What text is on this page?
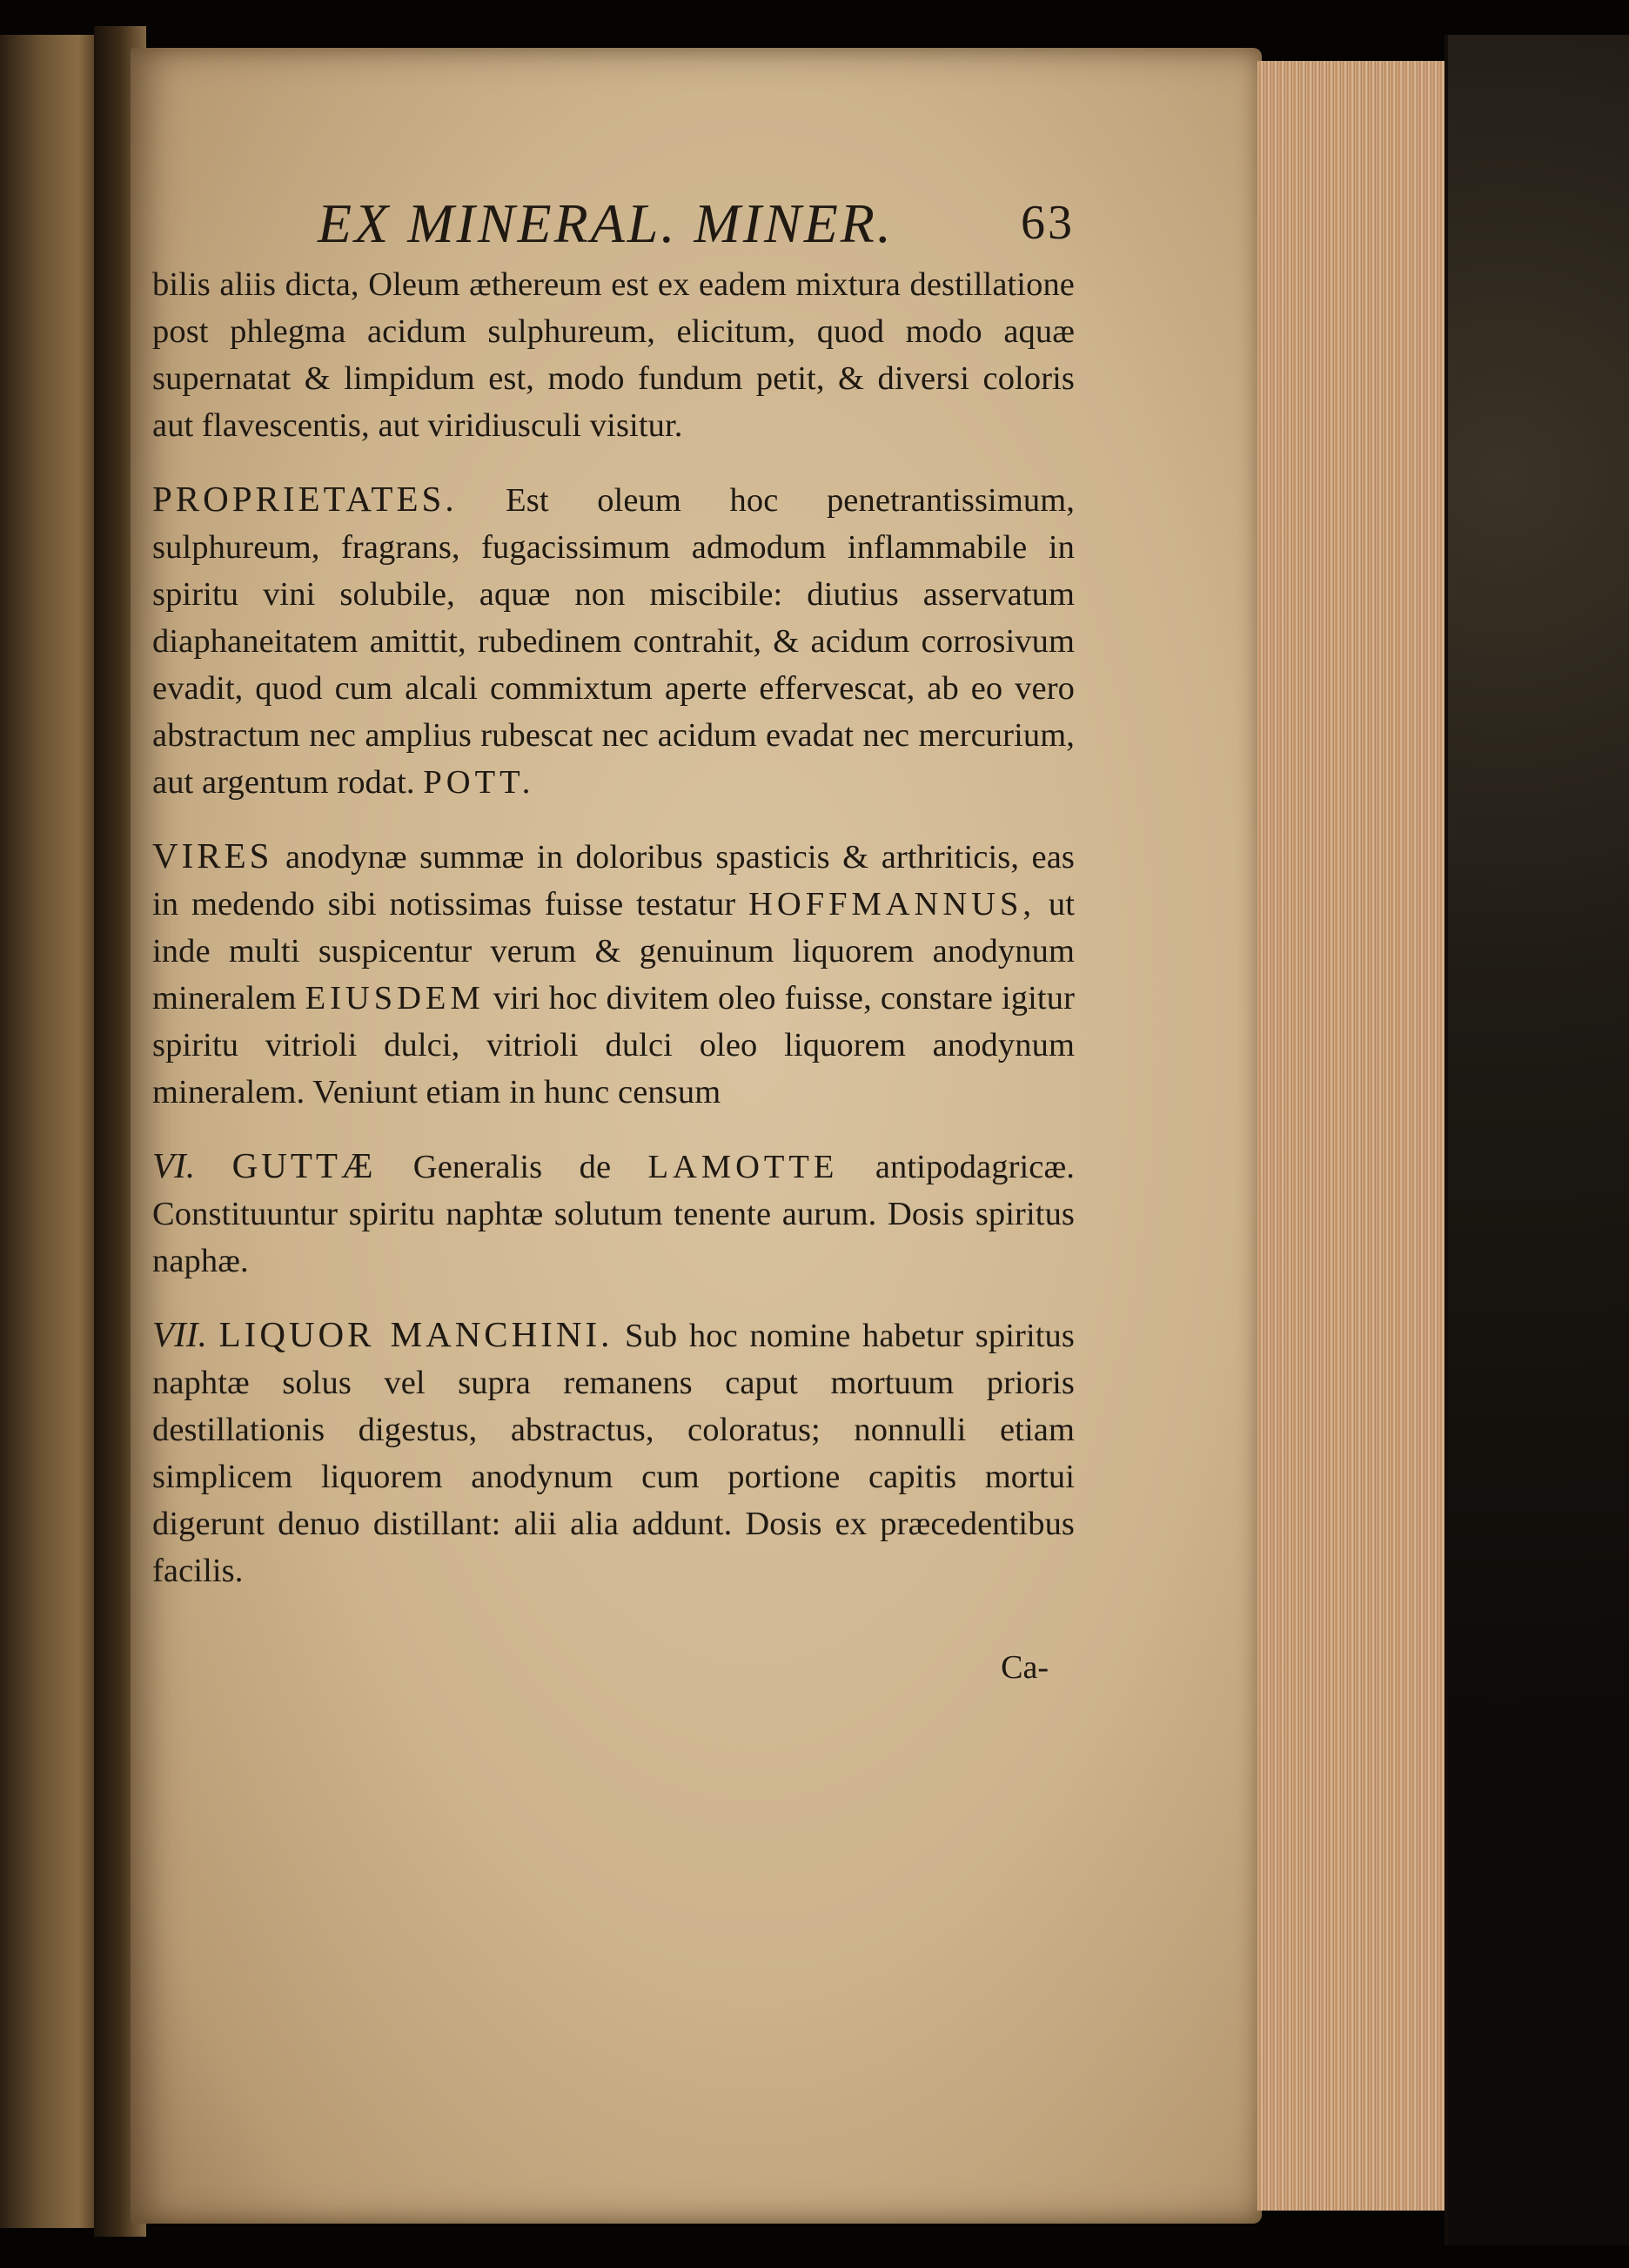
EX MINERAL. MINER.	63

bilis aliis dicta, Oleum æthereum est ex eadem mixtura destillatione post phlegma acidum sulphureum, elicitum, quod modo aquæ supernatat & limpidum est, modo fundum petit, & diversi coloris aut flavescentis, aut viridiusculi visitur.

PROPRIETATES. Est oleum hoc penetrantissimum, sulphureum, fragrans, fugacissimum admodum inflammabile in spiritu vini solubile, aquæ non miscibile: diutius asservatum diaphaneitatem amittit, rubedinem contrahit, & acidum corrosivum evadit, quod cum alcali commixtum aperte effervescat, ab eo vero abstractum nec amplius rubescat nec acidum evadat nec mercurium, aut argentum rodat. POTT.

VIRES anodynæ summæ in doloribus spasticis & arthriticis, eas in medendo sibi notissimas fuisse testatur HOFFMANNUS, ut inde multi suspicentur verum & genuinum liquorem anodynum mineralem EIUSDEM viri hoc divitem oleo fuisse, constare igitur spiritu vitrioli dulci, vitrioli dulci oleo liquorem anodynum mineralem. Veniunt etiam in hunc censum

VI. GUTTÆ Generalis de LAMOTTE antipodagricæ. Constituuntur spiritu naphtæ solutum tenente aurum. Dosis spiritus naphæ.

VII. LIQUOR MANCHINI. Sub hoc nomine habetur spiritus naphtæ solus vel supra remanens caput mortuum prioris destillationis digestus, abstractus, coloratus; nonnulli etiam simplicem liquorem anodynum cum portione capitis mortui digerunt denuo distillant: alii alia addunt. Dosis ex præcedentibus facilis.

Ca-
